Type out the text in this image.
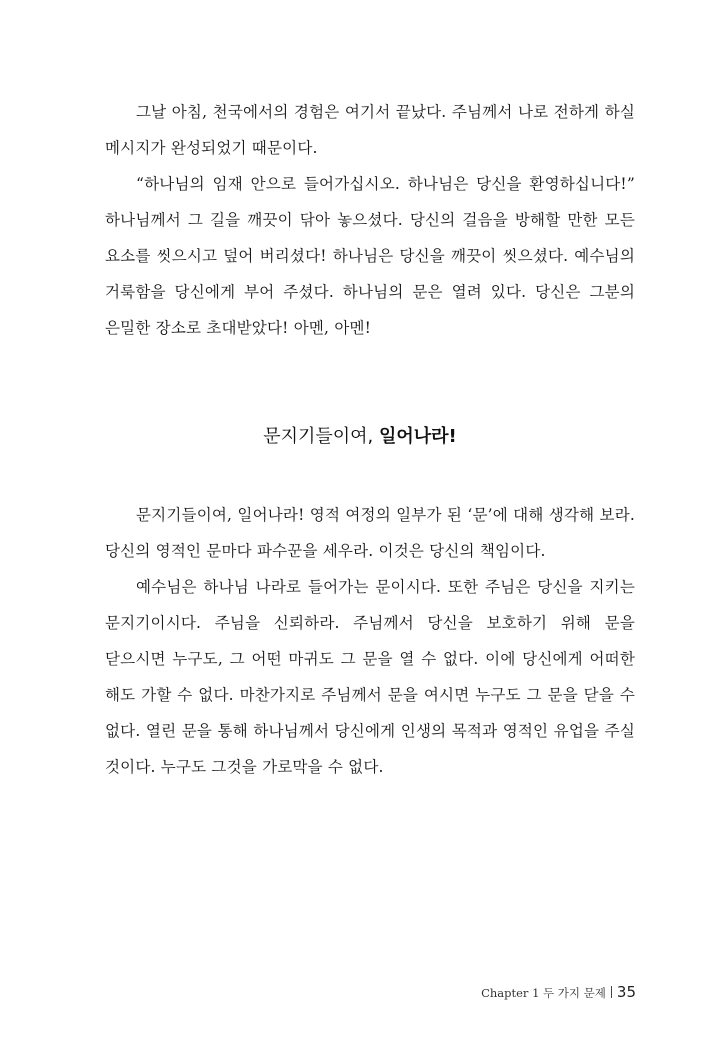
그날 아침, 천국에서의 경험은 여기서 끝났다. 주님께서 나로 전하게 하실 메시지가 완성되었기 때문이다.

“하나님의 임재 안으로 들어가십시오. 하나님은 당신을 환영하십니다!” 하나님께서 그 길을 깨끗이 닦아 놓으셨다. 당신의 걸음을 방해할 만한 모든 요소를 씻으시고 덮어 버리셨다! 하나님은 당신을 깨끗이 씻으셨다. 예수님의 거룩함을 당신에게 부어 주셨다. 하나님의 문은 열려 있다. 당신은 그분의 은밀한 장소로 초대받았다! 아멘, 아멘!

문지기들이여, 일어나라!

문지기들이여, 일어나라! 영적 여정의 일부가 된 ‘문’에 대해 생각해 보라. 당신의 영적인 문마다 파수꾼을 세우라. 이것은 당신의 책임이다.

예수님은 하나님 나라로 들어가는 문이시다. 또한 주님은 당신을 지키는 문지기이시다. 주님을 신뢰하라. 주님께서 당신을 보호하기 위해 문을 닫으시면 누구도, 그 어떤 마귀도 그 문을 열 수 없다. 이에 당신에게 어떠한 해도 가할 수 없다. 마찬가지로 주님께서 문을 여시면 누구도 그 문을 닫을 수 없다. 열린 문을 통해 하나님께서 당신에게 인생의 목적과 영적인 유업을 주실 것이다. 누구도 그것을 가로막을 수 없다.

Chapter 1 두 가지 문제 35
